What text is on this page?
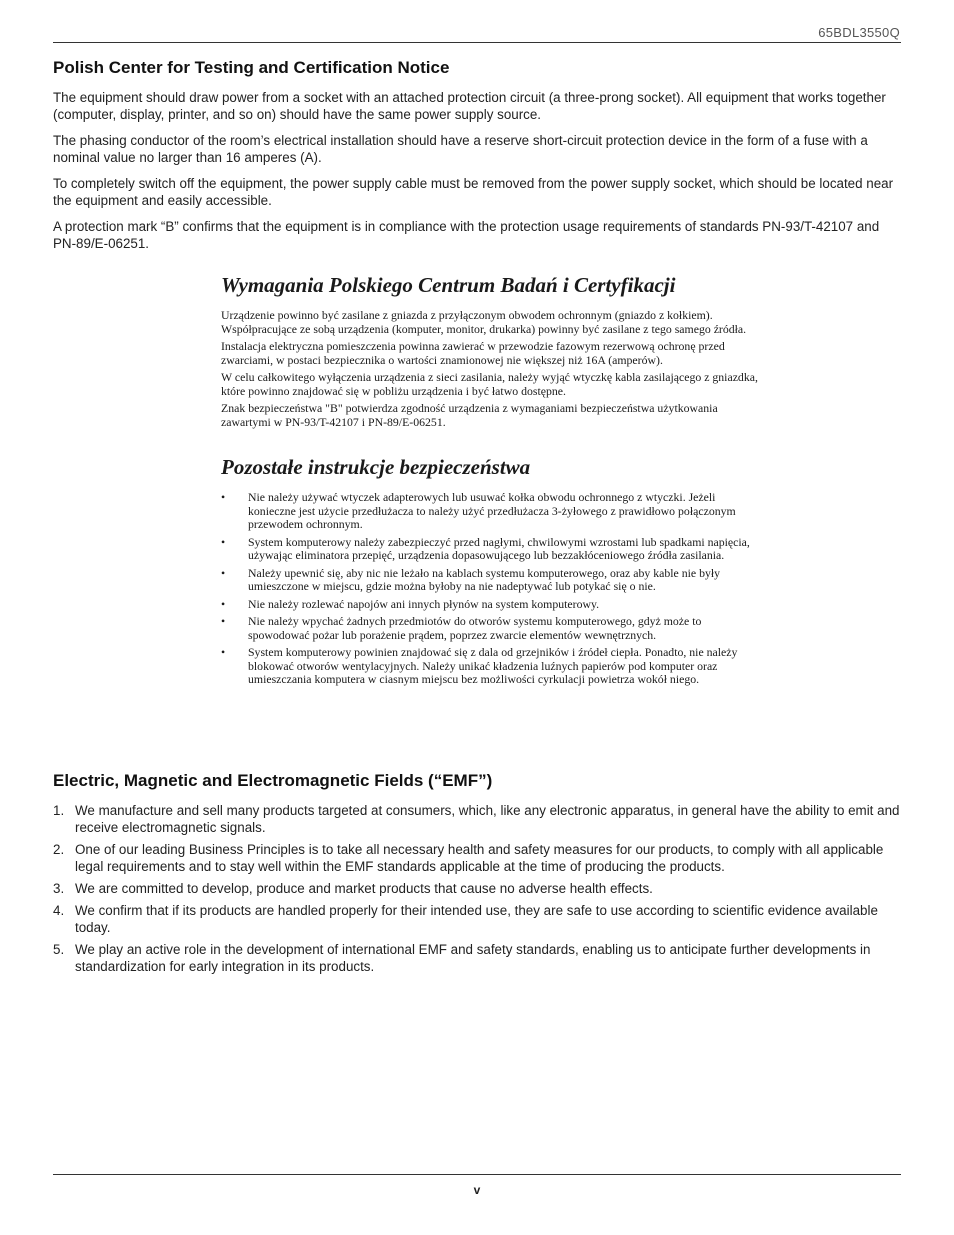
65BDL3550Q
Polish Center for Testing and Certification Notice

The equipment should draw power from a socket with an attached protection circuit (a three-prong socket). All equipment that works together (computer, display, printer, and so on) should have the same power supply source.

The phasing conductor of the room’s electrical installation should have a reserve short-circuit protection device in the form of a fuse with a nominal value no larger than 16 amperes (A).

To completely switch off the equipment, the power supply cable must be removed from the power supply socket, which should be located near the equipment and easily accessible.

A protection mark “B” confirms that the equipment is in compliance with the protection usage requirements of standards PN-93/T-42107 and PN-89/E-06251.

Wymagania Polskiego Centrum Badań i Certyfikacji

Urządzenie powinno być zasilane z gniazda z przyłączonym obwodem ochronnym (gniazdo z kołkiem). Współpracujące ze sobą urządzenia (komputer, monitor, drukarka) powinny być zasilane z tego samego źródła.

Instalacja elektryczna pomieszczenia powinna zawierać w przewodzie fazowym rezerwową ochronę przed zwarciami, w postaci bezpiecznika o wartości znamionowej nie większej niż 16A (amperów).

W celu całkowitego wyłączenia urządzenia z sieci zasilania, należy wyjąć wtyczkę kabla zasilającego z gniazdka, które powinno znajdować się w pobliżu urządzenia i być łatwo dostępne.

Znak bezpieczeństwa "B" potwierdza zgodność urządzenia z wymaganiami bezpieczeństwa użytkowania zawartymi w PN-93/T-42107 i PN-89/E-06251.

Pozostałe instrukcje bezpieczeństwa
• Nie należy używać wtyczek adapterowych lub usuwać kołka obwodu ochronnego z wtyczki. Jeżeli konieczne jest użycie przedłużacza to należy użyć przedłużacza 3-żyłowego z prawidłowo połączonym przewodem ochronnym.
• System komputerowy należy zabezpieczyć przed nagłymi, chwilowymi wzrostami lub spadkami napięcia, używając eliminatora przepięć, urządzenia dopasowującego lub bezzakłóceniowego źródła zasilania.
• Należy upewnić się, aby nic nie leżało na kablach systemu komputerowego, oraz aby kable nie były umieszczone w miejscu, gdzie można byłoby na nie nadeptywać lub potykać się o nie.
• Nie należy rozlewać napojów ani innych płynów na system komputerowy.
• Nie należy wpychać żadnych przedmiotów do otworów systemu komputerowego, gdyż może to spowodować pożar lub porażenie prądem, poprzez zwarcie elementów wewnętrznych.
• System komputerowy powinien znajdować się z dala od grzejników i źródeł ciepła. Ponadto, nie należy blokować otworów wentylacyjnych. Należy unikać kładzenia luźnych papierów pod komputer oraz umieszczania komputera w ciasnym miejscu bez możliwości cyrkulacji powietrza wokół niego.
Electric, Magnetic and Electromagnetic Fields (“EMF”)
1. We manufacture and sell many products targeted at consumers, which, like any electronic apparatus, in general have the ability to emit and receive electromagnetic signals.
2. One of our leading Business Principles is to take all necessary health and safety measures for our products, to comply with all applicable legal requirements and to stay well within the EMF standards applicable at the time of producing the products.
3. We are committed to develop, produce and market products that cause no adverse health effects.
4. We confirm that if its products are handled properly for their intended use, they are safe to use according to scientific evidence available today.
5. We play an active role in the development of international EMF and safety standards, enabling us to anticipate further developments in standardization for early integration in its products.
v
